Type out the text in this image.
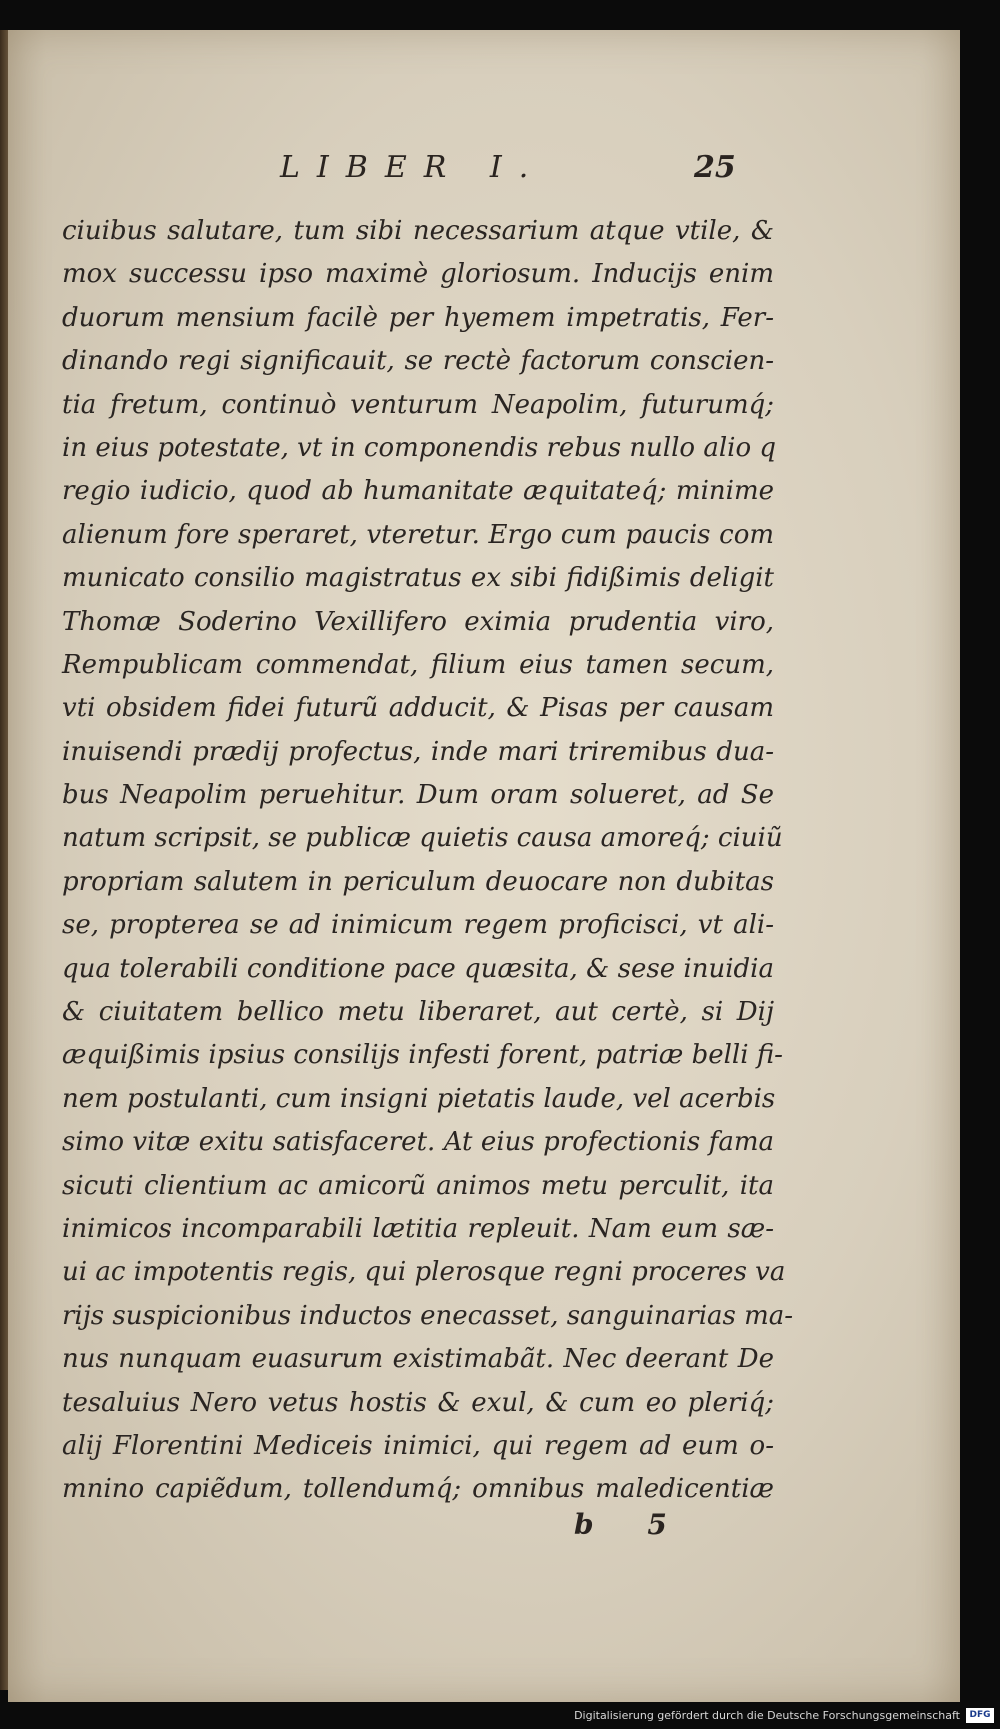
LIBER I.	25
ciuibus salutare, tum sibi necessarium atque vtile, &
mox successu ipso maximè gloriosum. Inducijs enim
duorum mensium facilè per hyemem impetratis, Fer-
dinando regi significauit, se rectè factorum conscien-
tia fretum, continuò venturum Neapolim, futurumq́;
in eius potestate, vt in componendis rebus nullo alio q
regio iudicio, quod ab humanitate æquitateq́; minime
alienum fore speraret, vteretur. Ergo cum paucis com
municato consilio magistratus ex sibi fidißimis deligit
Thomæ Soderino Vexillifero eximia prudentia viro,
Rempublicam commendat, filium eius tamen secum,
vti obsidem fidei futurũ adducit, & Pisas per causam
inuisendi prædij profectus, inde mari triremibus dua-
bus Neapolim peruehitur. Dum oram solueret, ad Se
natum scripsit, se publicæ quietis causa amoreq́; ciuiũ
propriam salutem in periculum deuocare non dubitas
se, propterea se ad inimicum regem proficisci, vt ali-
qua tolerabili conditione pace quæsita, & sese inuidia
& ciuitatem bellico metu liberaret, aut certè, si Dij
æquißimis ipsius consilijs infesti forent, patriæ belli fi-
nem postulanti, cum insigni pietatis laude, vel acerbis
simo vitæ exitu satisfaceret. At eius profectionis fama
sicuti clientium ac amicorũ animos metu perculit, ita
inimicos incomparabili lætitia repleuit. Nam eum sæ-
ui ac impotentis regis, qui plerosque regni proceres va
rijs suspicionibus inductos enecasset, sanguinarias ma-
nus nunquam euasurum existimabãt. Nec deerant De
tesaluius Nero vetus hostis & exul, & cum eo pleriq́;
alij Florentini Mediceis inimici, qui regem ad eum o-
mnino capiẽdum, tollendumq́; omnibus maledicentiæ
b 5
Digitalisierung gefördert durch die Deutsche Forschungsgemeinschaft	DFG
